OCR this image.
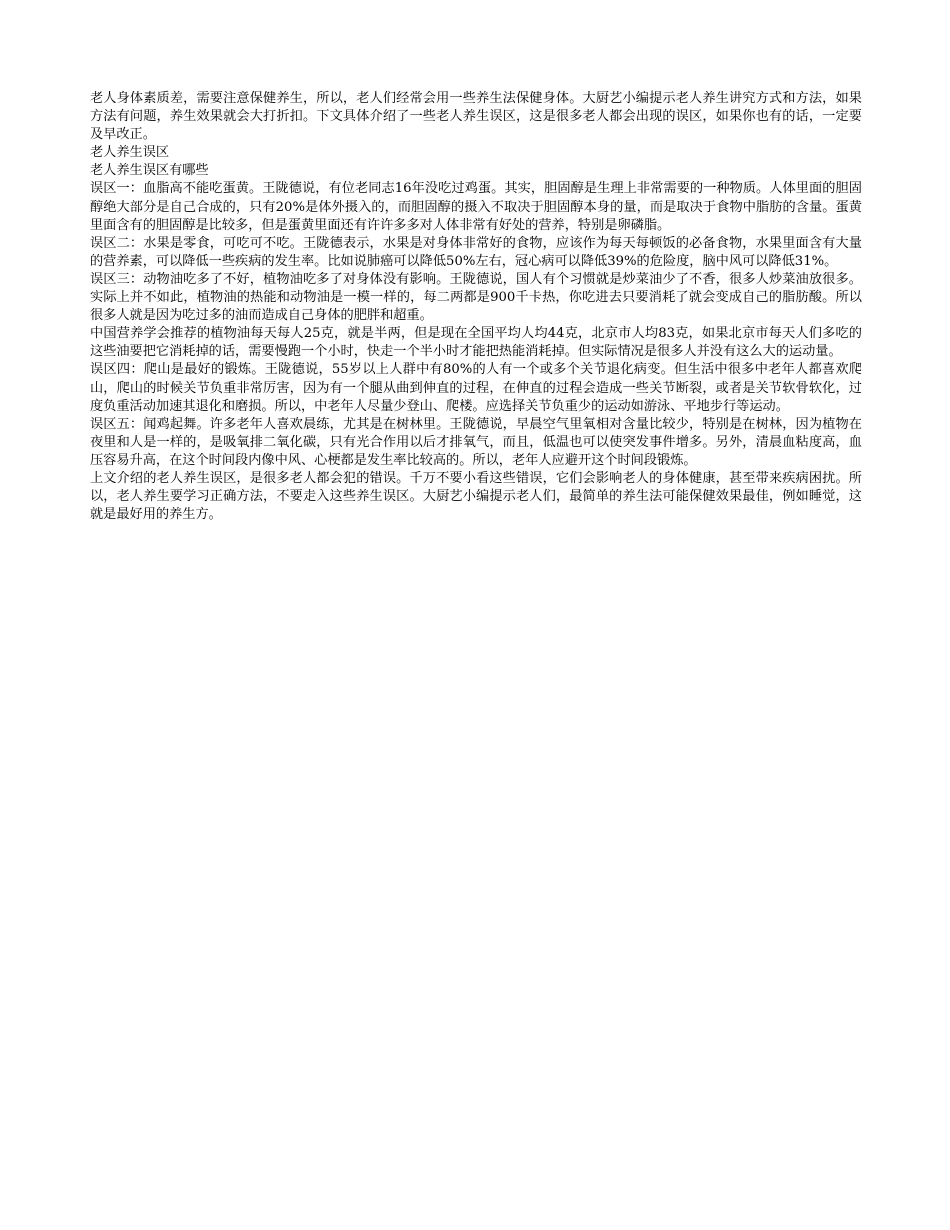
老人身体素质差，需要注意保健养生，所以，老人们经常会用一些养生法保健身体。大厨艺小编提示老人养生讲究方式和方法，如果方法有问题，养生效果就会大打折扣。下文具体介绍了一些老人养生误区，这是很多老人都会出现的误区，如果你也有的话，一定要及早改正。

老人养生误区

老人养生误区有哪些

误区一：血脂高不能吃蛋黄。王陇德说，有位老同志16年没吃过鸡蛋。其实，胆固醇是生理上非常需要的一种物质。人体里面的胆固醇绝大部分是自己合成的，只有20%是体外摄入的，而胆固醇的摄入不取决于胆固醇本身的量，而是取决于食物中脂肪的含量。蛋黄里面含有的胆固醇是比较多，但是蛋黄里面还有许许多多对人体非常有好处的营养，特别是卵磷脂。

误区二：水果是零食，可吃可不吃。王陇德表示，水果是对身体非常好的食物，应该作为每天每顿饭的必备食物，水果里面含有大量的营养素，可以降低一些疾病的发生率。比如说肺癌可以降低50%左右，冠心病可以降低39%的危险度，脑中风可以降低31%。

误区三：动物油吃多了不好，植物油吃多了对身体没有影响。王陇德说，国人有个习惯就是炒菜油少了不香，很多人炒菜油放很多。实际上并不如此，植物油的热能和动物油是一模一样的，每二两都是900千卡热，你吃进去只要消耗了就会变成自己的脂肪酸。所以很多人就是因为吃过多的油而造成自己身体的肥胖和超重。

中国营养学会推荐的植物油每天每人25克，就是半两，但是现在全国平均人均44克，北京市人均83克，如果北京市每天人们多吃的这些油要把它消耗掉的话，需要慢跑一个小时，快走一个半小时才能把热能消耗掉。但实际情况是很多人并没有这么大的运动量。

误区四：爬山是最好的锻炼。王陇德说，55岁以上人群中有80%的人有一个或多个关节退化病变。但生活中很多中老年人都喜欢爬山，爬山的时候关节负重非常厉害，因为有一个腿从曲到伸直的过程，在伸直的过程会造成一些关节断裂，或者是关节软骨软化，过度负重活动加速其退化和磨损。所以，中老年人尽量少登山、爬楼。应选择关节负重少的运动如游泳、平地步行等运动。

误区五：闻鸡起舞。许多老年人喜欢晨练，尤其是在树林里。王陇德说，早晨空气里氧相对含量比较少，特别是在树林，因为植物在夜里和人是一样的，是吸氧排二氧化碳，只有光合作用以后才排氧气，而且，低温也可以使突发事件增多。另外，清晨血粘度高，血压容易升高，在这个时间段内像中风、心梗都是发生率比较高的。所以，老年人应避开这个时间段锻炼。

上文介绍的老人养生误区，是很多老人都会犯的错误。千万不要小看这些错误，它们会影响老人的身体健康，甚至带来疾病困扰。所以，老人养生要学习正确方法，不要走入这些养生误区。大厨艺小编提示老人们，最简单的养生法可能保健效果最佳，例如睡觉，这就是最好用的养生方。
